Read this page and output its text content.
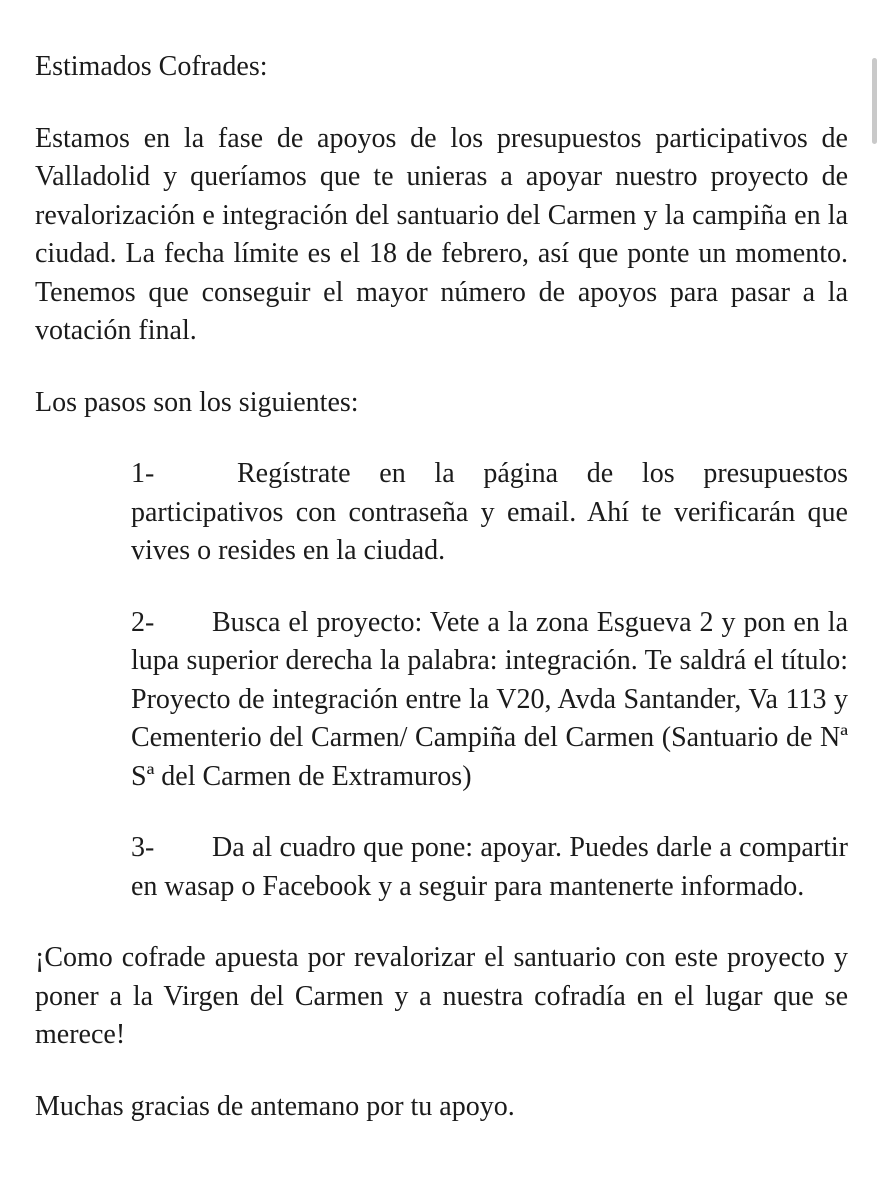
Estimados Cofrades:

Estamos en la fase de apoyos de los presupuestos participativos de Valladolid y queríamos que te unieras a apoyar nuestro proyecto de revalorización e integración del santuario del Carmen y la campiña en la ciudad. La fecha límite es el 18 de febrero, así que ponte un momento. Tenemos que conseguir el mayor número de apoyos para pasar a la votación final.

Los pasos son los siguientes:

1-	Regístrate en la página de los presupuestos participativos con contraseña y email. Ahí te verificarán que vives o resides en la ciudad.

2- Busca el proyecto: Vete a la zona Esgueva 2 y pon en la lupa superior derecha la palabra: integración. Te saldrá el título: Proyecto de integración entre la V20, Avda Santander, Va 113 y Cementerio del Carmen/ Campiña del Carmen (Santuario de Nª Sª del Carmen de Extramuros)

3- Da al cuadro que pone: apoyar. Puedes darle a compartir en wasap o Facebook y a seguir para mantenerte informado.

¡Como cofrade apuesta por revalorizar el santuario con este proyecto y poner a la Virgen del Carmen y a nuestra cofradía en el lugar que se merece!

Muchas gracias de antemano por tu apoyo.
